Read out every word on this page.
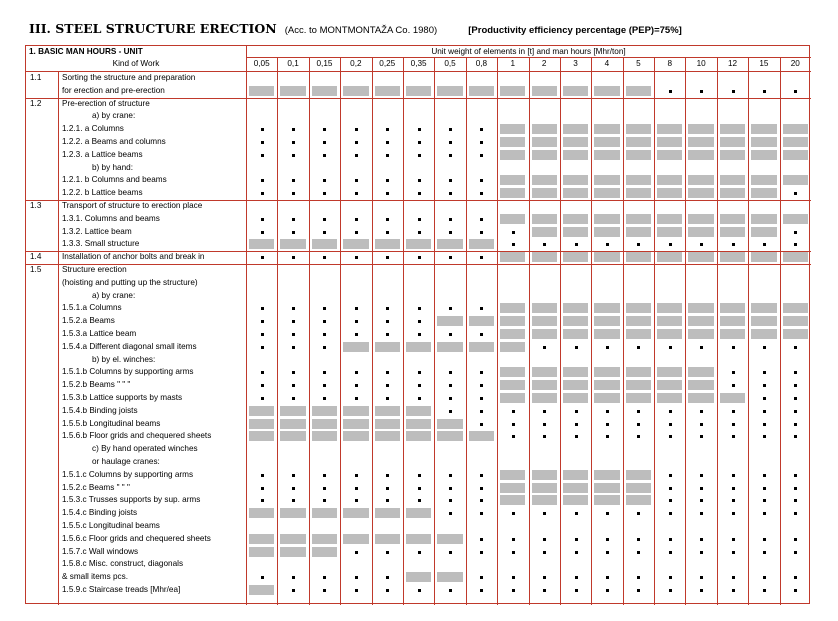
III. STEEL STRUCTURE ERECTION (Acc. to MONTMONTAŽA Co. 1980)	[Productivity efficiency percentage (PEP)=75%]
1. BASIC MAN HOURS - UNIT	Unit weight of elements in [t] and man hours [Mhr/ton]
Kind of Work	0,05	0,1	0,15	0,2	0,25	0,35	0,5	0,8	1	2	3	4	5	8	10	12	15	20
1.1	Sorting the structure and preparation
for erection and pre-erection
1.2	Pre-erection of structure
a) by crane:
1.2.1. a Columns
1.2.2. a Beams and columns
1.2.3. a Lattice beams
b) by hand:
1.2.1. b Columns and beams
1.2.2. b Lattice beams
1.3	Transport of structure to erection place
1.3.1. Columns and beams
1.3.2. Lattice beam
1.3.3. Small structure
1.4	Installation of anchor bolts and break in
1.5	Structure erection
(hoisting and putting up the structure)
a) by crane:
1.5.1.a Columns
1.5.2.a Beams
1.5.3.a Lattice beam
1.5.4.a Different diagonal small items
b) by el. winches:
1.5.1.b Columns by supporting arms
1.5.2.b Beams " " "
1.5.3.b Lattice supports by masts
1.5.4.b Binding joists
1.5.5.b Longitudinal beams
1.5.6.b Floor grids and chequered sheets
c) By hand operated winches
or haulage cranes:
1.5.1.c Columns by supporting arms
1.5.2.c Beams " " "
1.5.3.c Trusses supports by sup. arms
1.5.4.c Binding joists
1.5.5.c Longitudinal beams
1.5.6.c Floor grids and chequered sheets
1.5.7.c Wall windows
1.5.8.c Misc. construct, diagonals
& small items pcs.
1.5.9.c Staircase treads [Mhr/ea]
